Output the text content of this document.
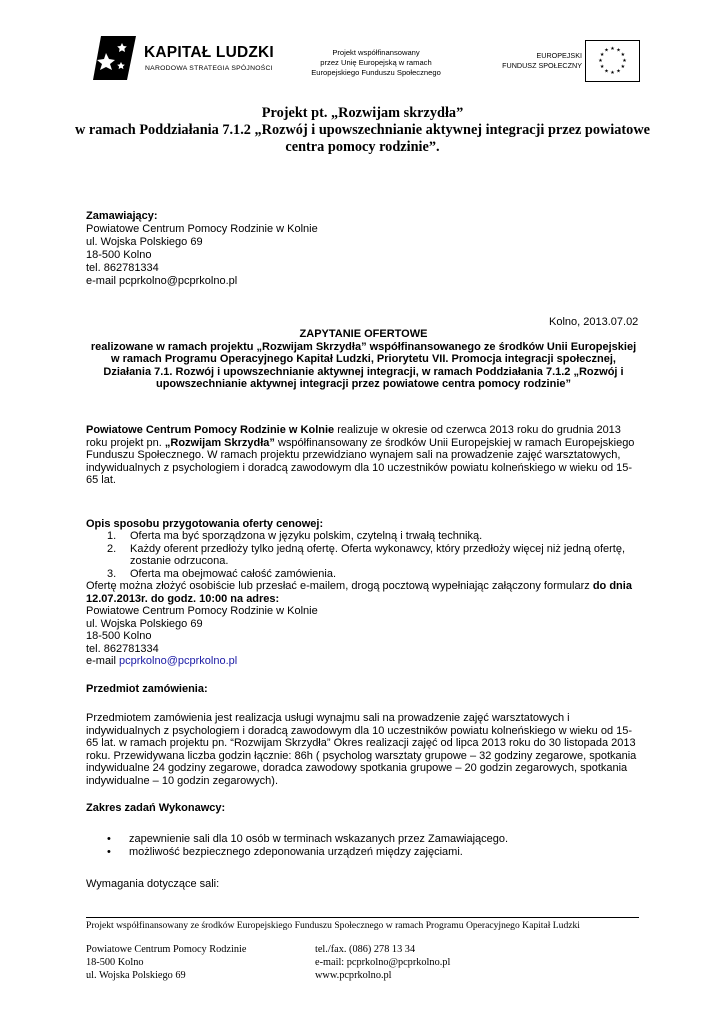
KAPITAŁ LUDZKI
NARODOWA STRATEGIA SPÓJNOŚCI
Projekt współfinansowany
przez Unię Europejską w ramach
Europejskiego Funduszu Społecznego
EUROPEJSKI
FUNDUSZ SPOŁECZNY
★ ★
★
★
★
★
★
★
★
★
★
★
Projekt pt. „Rozwijam skrzydła”
w ramach Poddziałania 7.1.2 „Rozwój i upowszechnianie aktywnej integracji przez powiatowe
centra pomocy rodzinie”.
Zamawiający:
Powiatowe Centrum Pomocy Rodzinie w Kolnie
ul. Wojska Polskiego 69
18-500 Kolno
tel. 862781334
e-mail pcprkolno@pcprkolno.pl
Kolno, 2013.07.02
ZAPYTANIE OFERTOWE
realizowane w ramach projektu „Rozwijam Skrzydła” współfinansowanego ze środków Unii Europejskiej
w ramach Programu Operacyjnego Kapitał Ludzki, Priorytetu VII. Promocja integracji społecznej,
Działania 7.1. Rozwój i upowszechnianie aktywnej integracji, w ramach Poddziałania 7.1.2 „Rozwój i
upowszechnianie aktywnej integracji przez powiatowe centra pomocy rodzinie”
Powiatowe Centrum Pomocy Rodzinie w Kolnie realizuje w okresie od czerwca 2013 roku do grudnia 2013
roku projekt pn. „Rozwijam Skrzydła” współfinansowany ze środków Unii Europejskiej w ramach Europejskiego
Funduszu Społecznego. W ramach projektu przewidziano wynajem sali na prowadzenie zajęć warsztatowych,
indywidualnych z psychologiem i doradcą zawodowym dla 10 uczestników powiatu kolneńskiego w wieku od 15-
65 lat.
Opis sposobu przygotowania oferty cenowej:
1. Oferta ma być sporządzona w języku polskim, czytelną i trwałą techniką.
2. Każdy oferent przedłoży tylko jedną ofertę. Oferta wykonawcy, który przedłoży więcej niż jedną ofertę,
zostanie odrzucona.
3. Oferta ma obejmować całość zamówienia.
Ofertę można złożyć osobiście lub przesłać e-mailem, drogą pocztową wypełniając załączony formularz do dnia
12.07.2013r. do godz. 10:00 na adres:
Powiatowe Centrum Pomocy Rodzinie w Kolnie
ul. Wojska Polskiego 69
18-500 Kolno
tel. 862781334
e-mail pcprkolno@pcprkolno.pl
Przedmiot zamówienia:
Przedmiotem zamówienia jest realizacja usługi wynajmu sali na prowadzenie zajęć warsztatowych i
indywidualnych z psychologiem i doradcą zawodowym dla 10 uczestników powiatu kolneńskiego w wieku od 15-
65 lat. w ramach projektu pn. “Rozwijam Skrzydła” Okres realizacji zajęć od lipca 2013 roku do 30 listopada 2013
roku. Przewidywana liczba godzin łącznie: 86h ( psycholog warsztaty grupowe – 32 godziny zegarowe, spotkania
indywidualne 24 godziny zegarowe, doradca zawodowy spotkania grupowe – 20 godzin zegarowych, spotkania
indywidualne – 10 godzin zegarowych).
Zakres zadań Wykonawcy:
• zapewnienie sali dla 10 osób w terminach wskazanych przez Zamawiającego.
• możliwość bezpiecznego zdeponowania urządzeń między zajęciami.
Wymagania dotyczące sali:
Projekt współfinansowany ze środków Europejskiego Funduszu Społecznego w ramach Programu Operacyjnego Kapitał Ludzki
Powiatowe Centrum Pomocy Rodzinie
18-500 Kolno
ul. Wojska Polskiego 69
tel./fax. (086) 278 13 34
e-mail: pcprkolno@pcprkolno.pl
www.pcprkolno.pl
